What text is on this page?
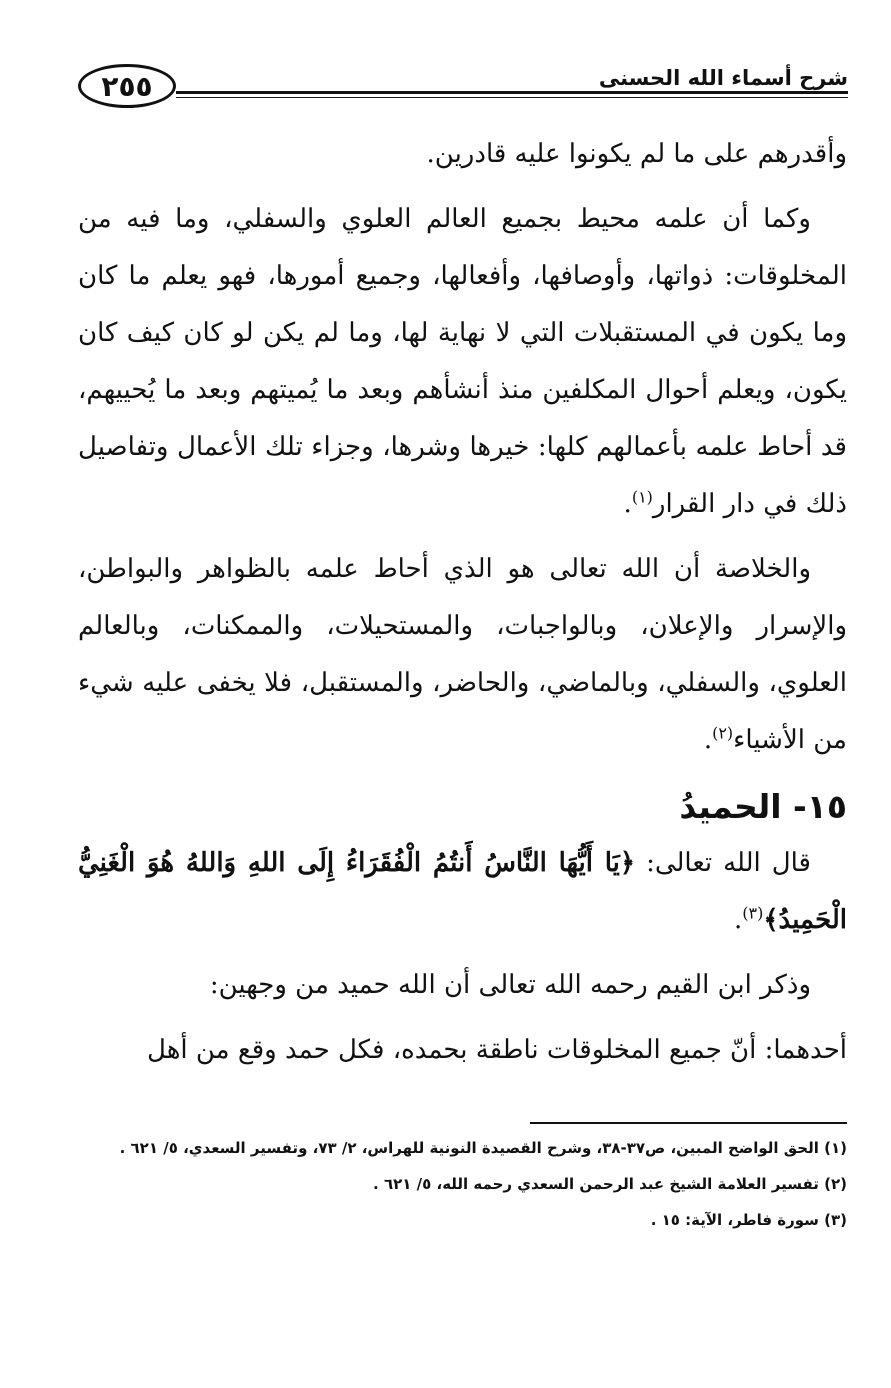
٢٥٥	شرح أسماء الله الحسنى

وأقدرهم على ما لم يكونوا عليه قادرين.

وكما أن علمه محيط بجميع العالم العلوي والسفلي، وما فيه من المخلوقات: ذواتها، وأوصافها، وأفعالها، وجميع أمورها، فهو يعلم ما كان وما يكون في المستقبلات التي لا نهاية لها، وما لم يكن لو كان كيف كان يكون، ويعلم أحوال المكلفين منذ أنشأهم وبعد ما يُميتهم وبعد ما يُحييهم، قد أحاط علمه بأعمالهم كلها: خيرها وشرها، وجزاء تلك الأعمال وتفاصيل ذلك في دار القرار$^{(١)}$.

والخلاصة أن الله تعالى هو الذي أحاط علمه بالظواهر والبواطن، والإسرار والإعلان، وبالواجبات، والمستحيلات، والممكنات، وبالعالم العلوي، والسفلي، وبالماضي، والحاضر، والمستقبل، فلا يخفى عليه شيء من الأشياء$^{(٢)}$.

١٥- الحميدُ

قال الله تعالى: ﴿يَا أَيُّهَا النَّاسُ أَنتُمُ الْفُقَرَاءُ إِلَى اللهِ وَاللهُ هُوَ الْغَنِيُّ الْحَمِيدُ﴾$^{(٣)}$.

وذكر ابن القيم رحمه الله تعالى أن الله حميد من وجهين:

أحدهما: أنّ جميع المخلوقات ناطقة بحمده، فكل حمد وقع من أهل

(١) الحق الواضح المبين، ص٣٧-٣٨، وشرح القصيدة النونية للهراس، ٢/ ٧٣، وتفسير السعدي، ٥/ ٦٢١ .
(٢) تفسير العلامة الشيخ عبد الرحمن السعدي رحمه الله، ٥/ ٦٢١ .
(٣) سورة فاطر، الآية: ١٥ .
